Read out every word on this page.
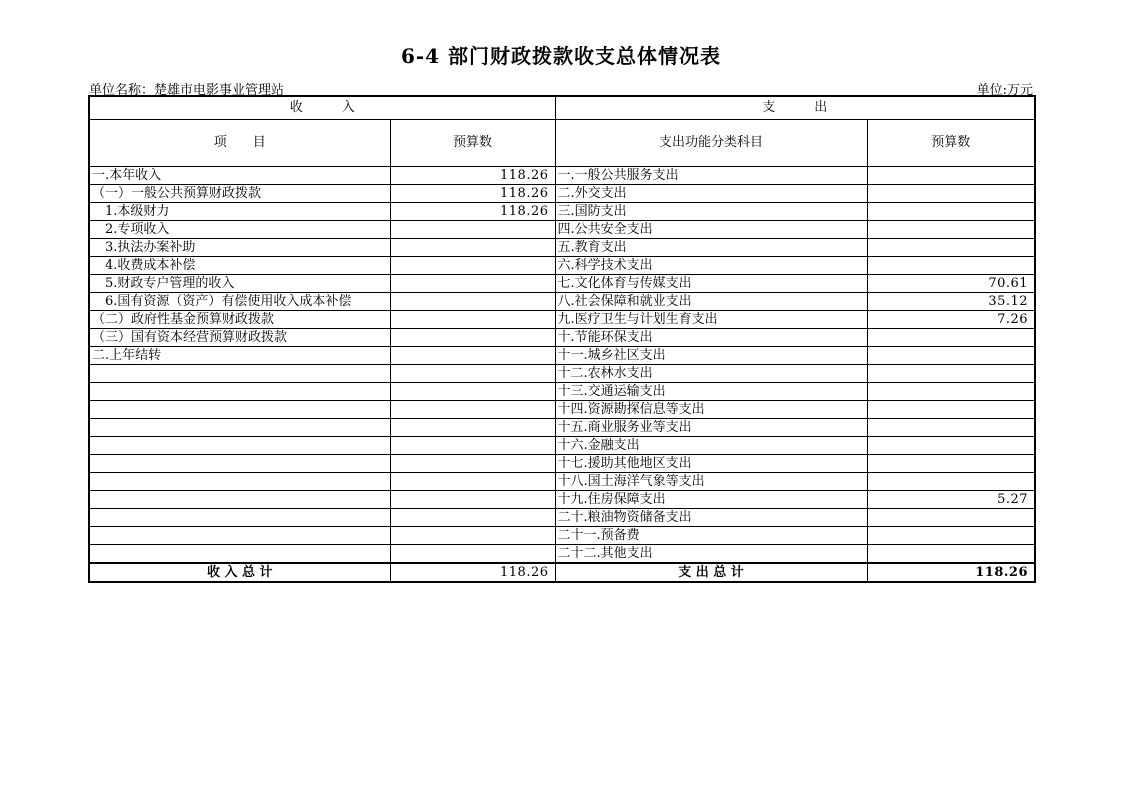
6-4 部门财政拨款收支总体情况表
单位名称：楚雄市电影事业管理站	单位:万元
收　　　入		支　　　出	
项　　目	预算数	支出功能分类科目	预算数
一.本年收入	118.26	一.一般公共服务支出	
（一）一般公共预算财政拨款	118.26	二.外交支出	
　1.本级财力	118.26	三.国防支出	
　2.专项收入		四.公共安全支出	
　3.执法办案补助		五.教育支出	
　4.收费成本补偿		六.科学技术支出	
　5.财政专户管理的收入		七.文化体育与传媒支出	70.61
　6.国有资源（资产）有偿使用收入成本补偿		八.社会保障和就业支出	35.12
（二）政府性基金预算财政拨款		九.医疗卫生与计划生育支出	7.26
（三）国有资本经营预算财政拨款		十.节能环保支出	
二.上年结转		十一.城乡社区支出	
		十二.农林水支出	
		十三.交通运输支出	
		十四.资源勘探信息等支出	
		十五.商业服务业等支出	
		十六.金融支出	
		十七.援助其他地区支出	
		十八.国土海洋气象等支出	
		十九.住房保障支出	5.27
		二十.粮油物资储备支出	
		二十一.预备费	
		二十二.其他支出	
收 入 总 计	118.26	支 出 总 计	118.26
